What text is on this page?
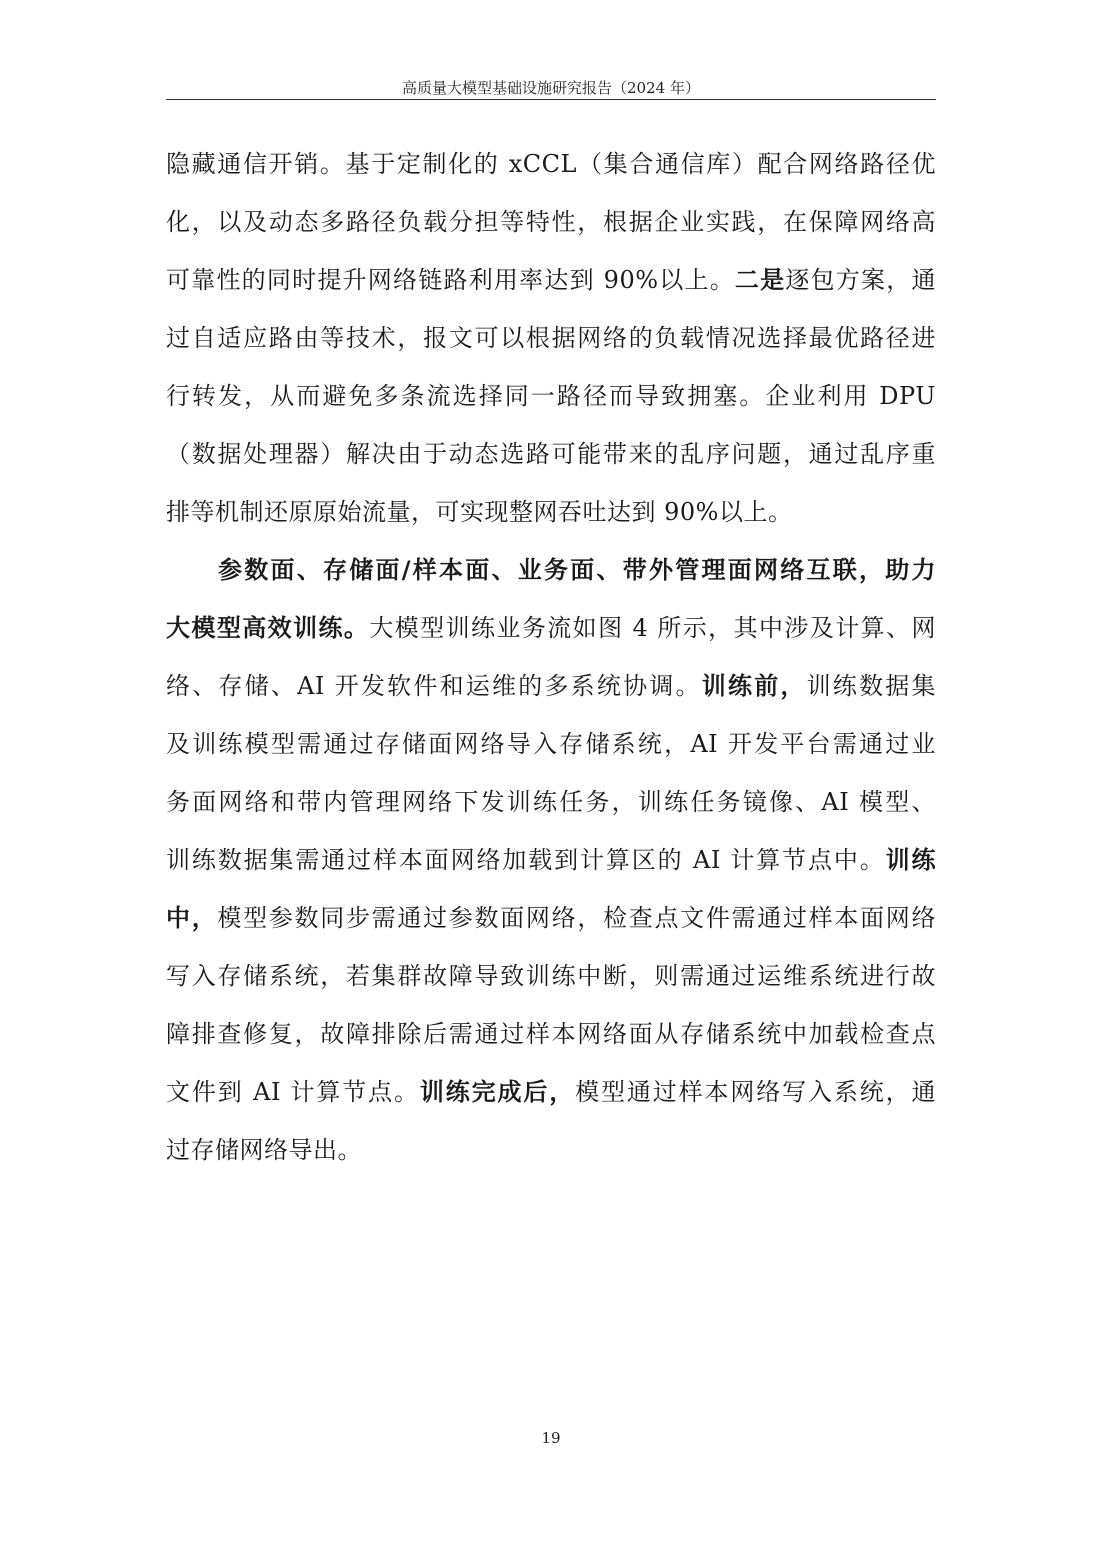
高质量大模型基础设施研究报告（2024 年）
隐藏通信开销。基于定制化的 xCCL（集合通信库）配合网络路径优
化，以及动态多路径负载分担等特性，根据企业实践，在保障网络高
可靠性的同时提升网络链路利用率达到 90%以上。二是逐包方案，通
过自适应路由等技术，报文可以根据网络的负载情况选择最优路径进
行转发，从而避免多条流选择同一路径而导致拥塞。企业利用 DPU
（数据处理器）解决由于动态选路可能带来的乱序问题，通过乱序重
排等机制还原原始流量，可实现整网吞吐达到 90%以上。
参数面、存储面/样本面、业务面、带外管理面网络互联，助力
大模型高效训练。大模型训练业务流如图 4 所示，其中涉及计算、网
络、存储、AI 开发软件和运维的多系统协调。训练前，训练数据集
及训练模型需通过存储面网络导入存储系统，AI 开发平台需通过业
务面网络和带内管理网络下发训练任务，训练任务镜像、AI 模型、
训练数据集需通过样本面网络加载到计算区的 AI 计算节点中。训练
中，模型参数同步需通过参数面网络，检查点文件需通过样本面网络
写入存储系统，若集群故障导致训练中断，则需通过运维系统进行故
障排查修复，故障排除后需通过样本网络面从存储系统中加载检查点
文件到 AI 计算节点。训练完成后，模型通过样本网络写入系统，通
过存储网络导出。
19
